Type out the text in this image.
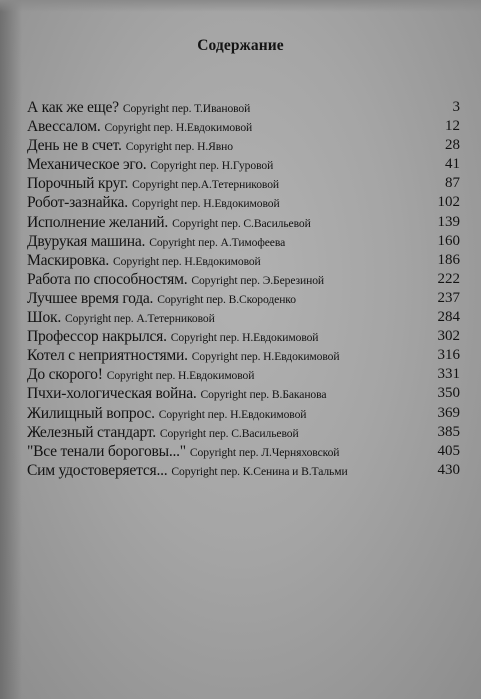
Содержание
А как же еще? Copyright пер. Т.Ивановой	3
Авессалом. Copyright пер. Н.Евдокимовой	12
День не в счет. Copyright пер. Н.Явно	28
Механическое эго. Copyright пер. Н.Гуровой	41
Порочный круг. Copyright пер.А.Тетерниковой	87
Робот-зазнайка. Copyright пер. Н.Евдокимовой	102
Исполнение желаний. Copyright пер. С.Васильевой	139
Двурукая машина. Copyright пер. А.Тимофеева	160
Маскировка. Copyright пер. Н.Евдокимовой	186
Работа по способностям. Copyright пер. Э.Березиной	222
Лучшее время года. Copyright пер. В.Скороденко	237
Шок. Copyright пер. А.Тетерниковой	284
Профессор накрылся. Copyright пер. Н.Евдокимовой	302
Котел с неприятностями. Copyright пер. Н.Евдокимовой	316
До скорого! Copyright пер. Н.Евдокимовой	331
Пчхи-хологическая война. Copyright пер. В.Баканова	350
Жилищный вопрос. Copyright пер. Н.Евдокимовой	369
Железный стандарт. Copyright пер. С.Васильевой	385
"Все тенали бороговы..." Copyright пер. Л.Черняховской	405
Сим удостоверяется... Copyright пер. К.Сенина и В.Тальми	430
